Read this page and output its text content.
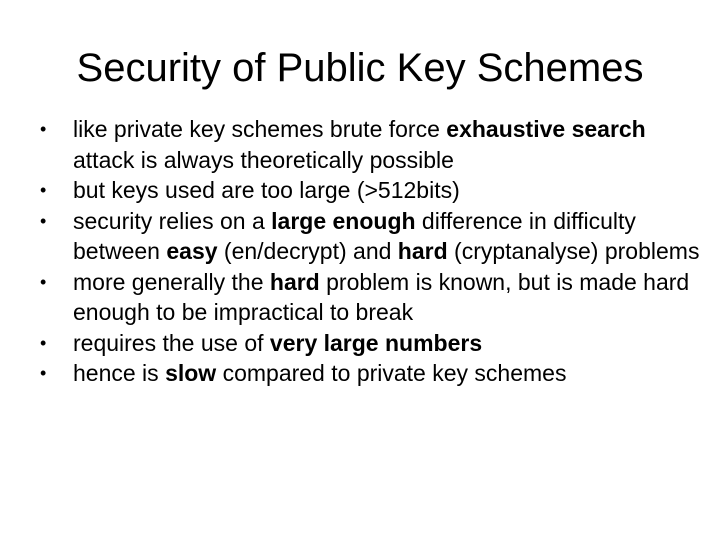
Security of Public Key Schemes
•	like private key schemes brute force exhaustive search attack is always theoretically possible
•	but keys used are too large (>512bits)
•	security relies on a large enough difference in difficulty between easy (en/decrypt) and hard (cryptanalyse) problems
•	more generally the hard problem is known, but is made hard enough to be impractical to break
•	requires the use of very large numbers
•	hence is slow compared to private key schemes
